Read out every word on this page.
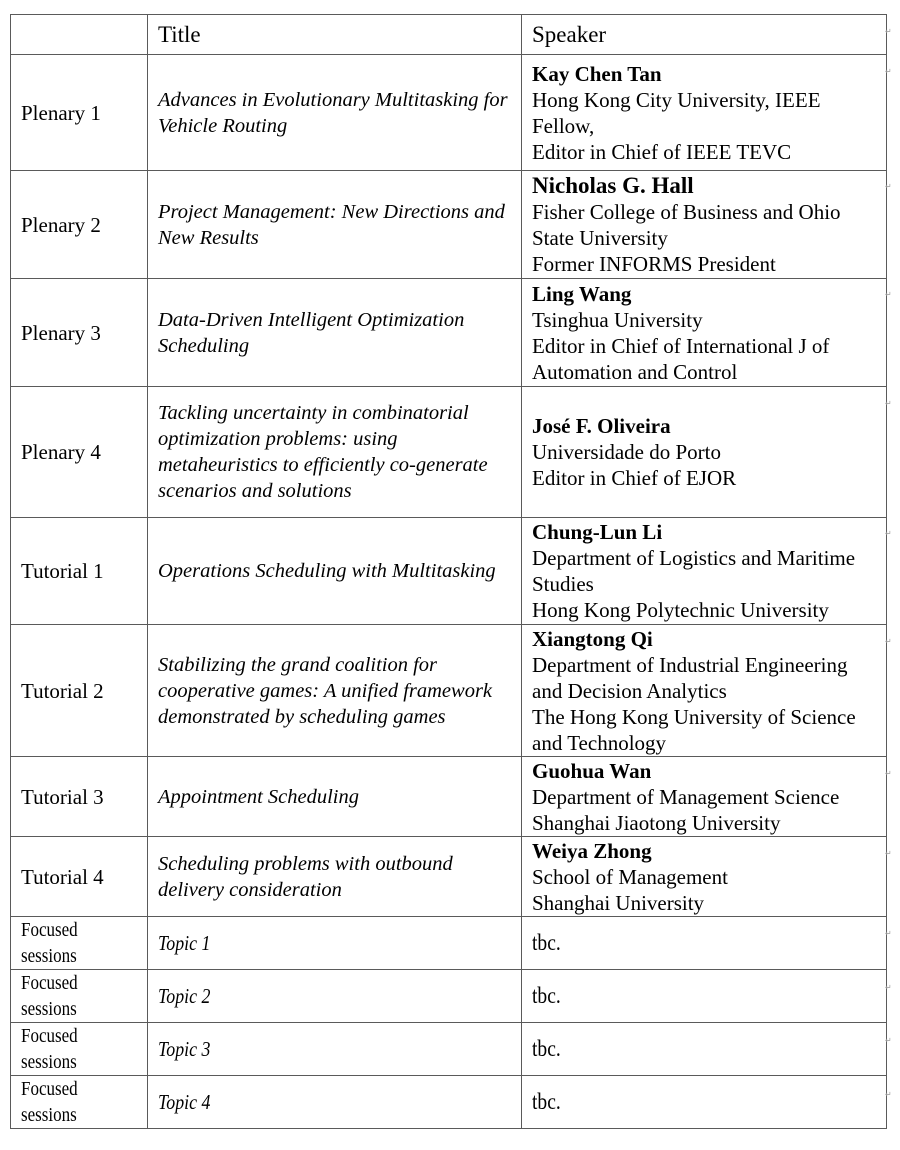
	Title	Speaker
Plenary 1	Advances in Evolutionary Multitasking for Vehicle Routing	Kay Chen Tan
Hong Kong City University, IEEE Fellow,
Editor in Chief of IEEE TEVC

Plenary 2	Project Management: New Directions and New Results	Nicholas G. Hall
Fisher College of Business and Ohio State University
Former INFORMS President

Plenary 3	Data-Driven Intelligent Optimization Scheduling	Ling Wang
Tsinghua University
Editor in Chief of International J of Automation and Control

Plenary 4	Tackling uncertainty in combinatorial optimization problems: using metaheuristics to efficiently co-generate scenarios and solutions	José F. Oliveira
Universidade do Porto
Editor in Chief of EJOR

Tutorial 1	Operations Scheduling with Multitasking	Chung-Lun Li
Department of Logistics and Maritime Studies
Hong Kong Polytechnic University

Tutorial 2	Stabilizing the grand coalition for cooperative games: A unified framework demonstrated by scheduling games	Xiangtong Qi
Department of Industrial Engineering and Decision Analytics
The Hong Kong University of Science and Technology

Tutorial 3	Appointment Scheduling	Guohua Wan
Department of Management Science
Shanghai Jiaotong University

Tutorial 4	Scheduling problems with outbound delivery consideration	Weiya Zhong
School of Management
Shanghai University

Focused sessions	Topic 1	tbc.
Focused sessions	Topic 2	tbc.
Focused sessions	Topic 3	tbc.
Focused sessions	Topic 4	tbc.
↵
↵
↵
↵
↵
↵
↵
↵
↵
↵
↵
↵
↵
